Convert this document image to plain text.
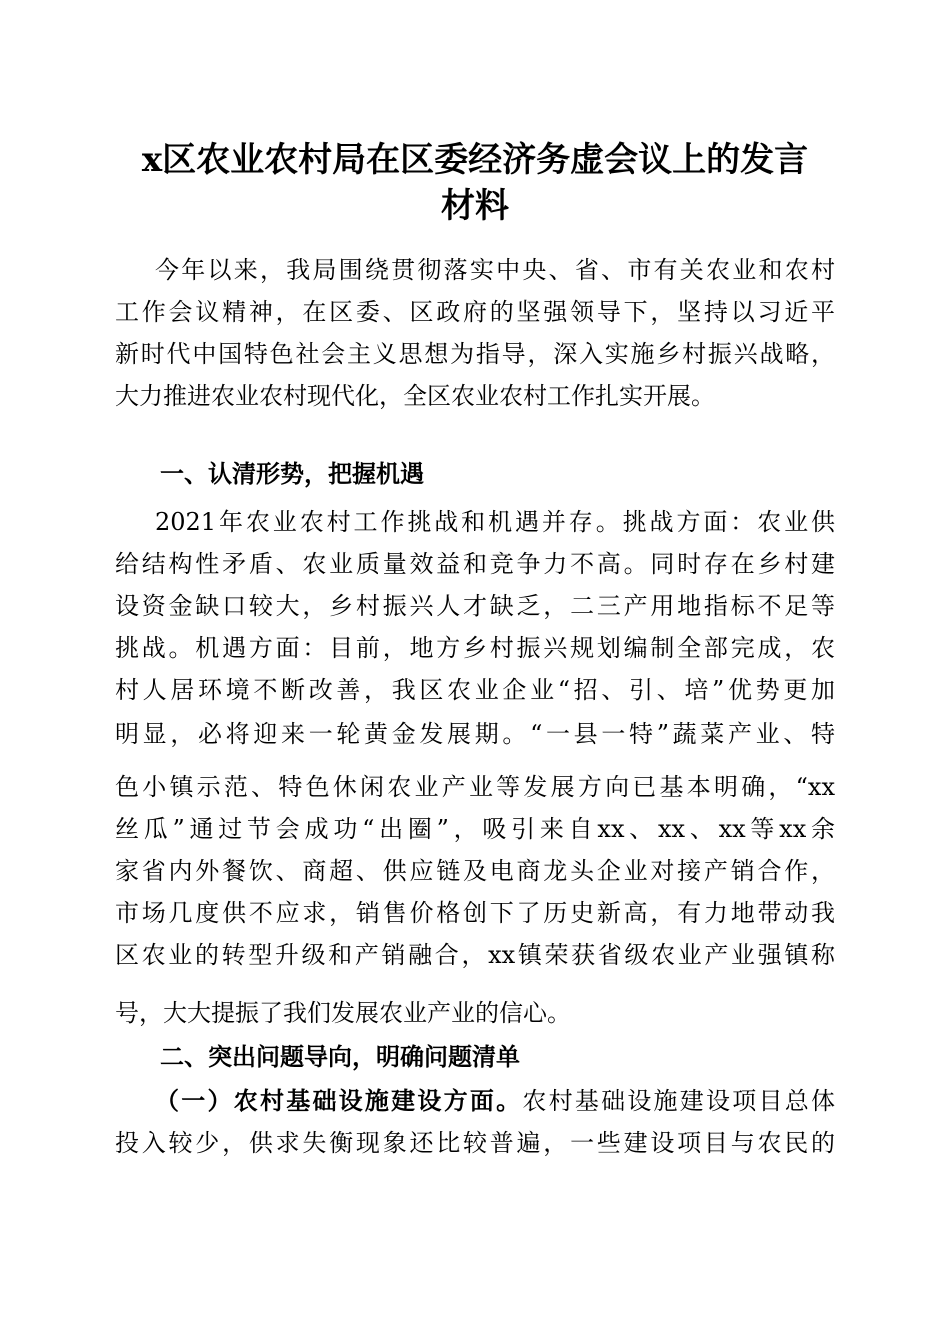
x区农业农村局在区委经济务虚会议上的发言
材料
今年以来，我局围绕贯彻落实中央、省、市有关农业和农村
工作会议精神，在区委、区政府的坚强领导下，坚持以习近平
新时代中国特色社会主义思想为指导，深入实施乡村振兴战略，
大力推进农业农村现代化，全区农业农村工作扎实开展。
一、认清形势，把握机遇
2021年农业农村工作挑战和机遇并存。挑战方面：农业供
给结构性矛盾、农业质量效益和竞争力不高。同时存在乡村建
设资金缺口较大，乡村振兴人才缺乏，二三产用地指标不足等
挑战。机遇方面：目前，地方乡村振兴规划编制全部完成，农
村人居环境不断改善，我区农业企业“招、引、培”优势更加
明显，必将迎来一轮黄金发展期。“一县一特”蔬菜产业、特
色小镇示范、特色休闲农业产业等发展方向已基本明确，“xx
丝瓜”通过节会成功“出圈”，吸引来自xx、xx、xx等xx余
家省内外餐饮、商超、供应链及电商龙头企业对接产销合作，
市场几度供不应求，销售价格创下了历史新高，有力地带动我
区农业的转型升级和产销融合，xx镇荣获省级农业产业强镇称
号，大大提振了我们发展农业产业的信心。
二、突出问题导向，明确问题清单
（一）农村基础设施建设方面。农村基础设施建设项目总体
投入较少，供求失衡现象还比较普遍，一些建设项目与农民的
